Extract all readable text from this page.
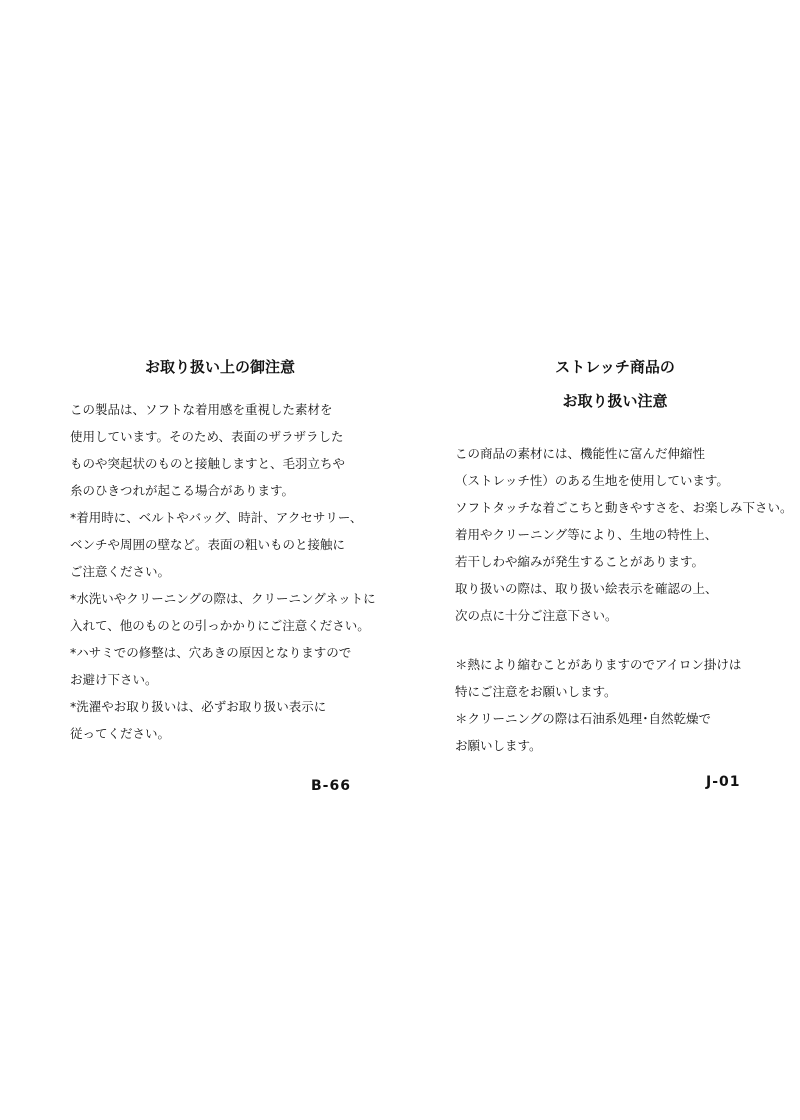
お取り扱い上の御注意
この製品は、ソフトな着用感を重視した素材を
使用しています。そのため、表面のザラザラした
ものや突起状のものと接触しますと、毛羽立ちや
糸のひきつれが起こる場合があります。
*着用時に、ベルトやバッグ、時計、アクセサリー、
ベンチや周囲の壁など。表面の粗いものと接触に
ご注意ください。
*水洗いやクリーニングの際は、クリーニングネットに
入れて、他のものとの引っかかりにご注意ください。
*ハサミでの修整は、穴あきの原因となりますので
お避け下さい。
*洗濯やお取り扱いは、必ずお取り扱い表示に
従ってください。
B-66
ストレッチ商品の
お取り扱い注意
この商品の素材には、機能性に富んだ伸縮性
（ストレッチ性）のある生地を使用しています。
ソフトタッチな着ごこちと動きやすさを、お楽しみ下さい。
着用やクリーニング等により、生地の特性上、
若干しわや縮みが発生することがあります。
取り扱いの際は、取り扱い絵表示を確認の上、
次の点に十分ご注意下さい。
＊熱により縮むことがありますのでアイロン掛けは
特にご注意をお願いします。
＊クリーニングの際は石油系処理･自然乾燥で
お願いします。
J-01
